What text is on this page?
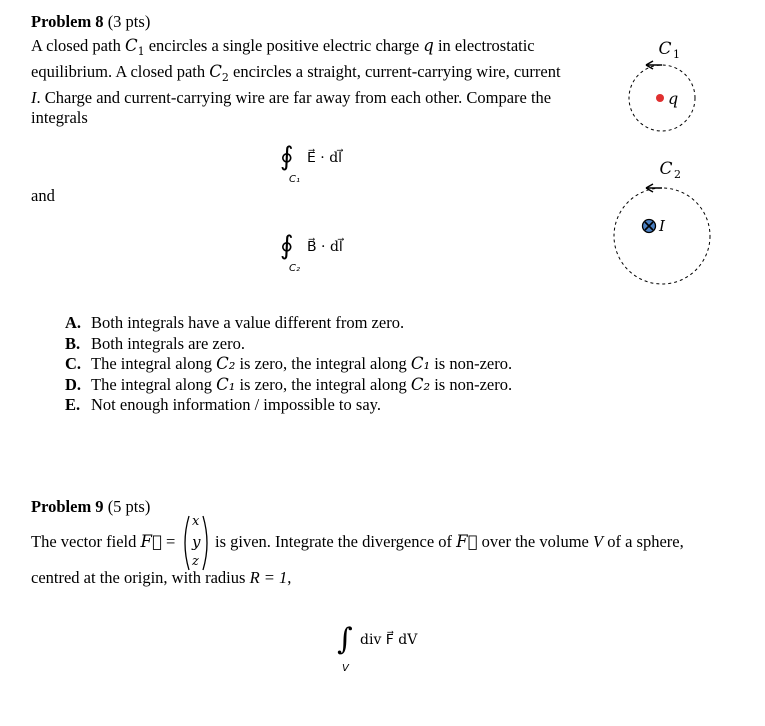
Problem 8 (3 pts)
A closed path $C_1$ encircles a single positive electric charge q in electrostatic
equilibrium. A closed path $C_2$ encircles a straight, current-carrying wire, current
I. Charge and current-carrying wire are far away from each other. Compare the
integrals
∮ E⃗ · dl⃗
C₁
and
∮ B⃗ · dl⃗
C₂
A. Both integrals have a value different from zero.
B. Both integrals are zero.
C. The integral along C₂ is zero, the integral along C₁ is non-zero.
D. The integral along C₁ is zero, the integral along C₂ is non-zero.
E. Not enough information / impossible to say.
C 1
q
C 2
I
Problem 9 (5 pts)
The vector field F⃗ =
x
y
z
is given. Integrate the divergence of F⃗ over the volume V of a sphere,
centred at the origin, with radius R = 1,
∫ div F⃗ dV
V
